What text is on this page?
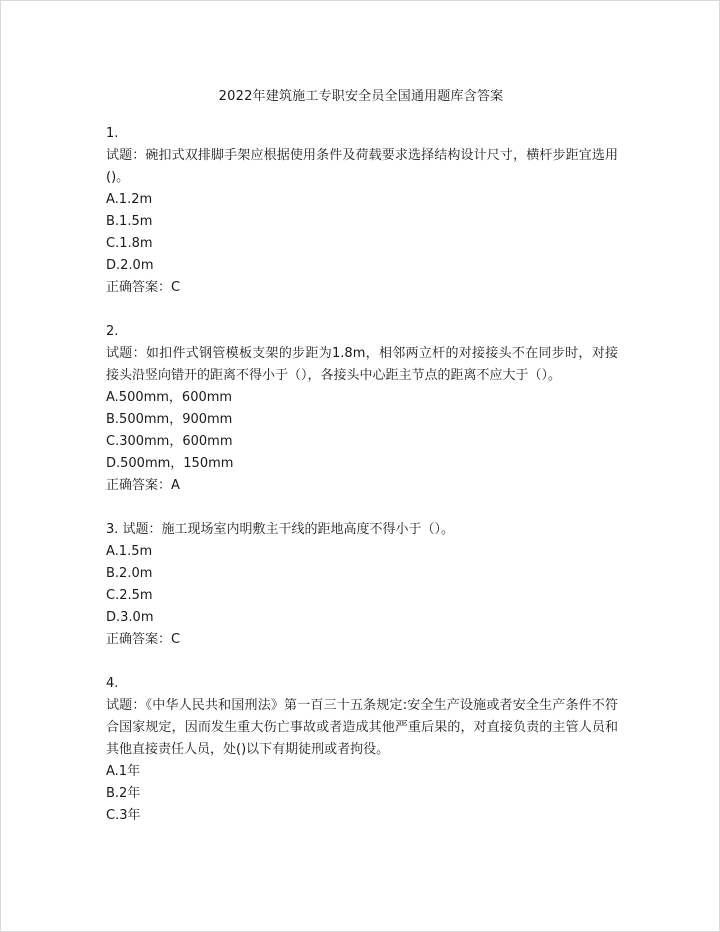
2022年建筑施工专职安全员全国通用题库含答案
1.
试题：碗扣式双排脚手架应根据使用条件及荷载要求选择结构设计尺寸，横杆步距宜选用()。
A.1.2m
B.1.5m
C.1.8m
D.2.0m
正确答案：C
2.
试题：如扣件式钢管模板支架的步距为1.8m，相邻两立杆的对接接头不在同步时，对接接头沿竖向错开的距离不得小于（），各接头中心距主节点的距离不应大于（）。
A.500mm，600mm
B.500mm，900mm
C.300mm，600mm
D.500mm，150mm
正确答案：A
3. 试题：施工现场室内明敷主干线的距地高度不得小于（）。
A.1.5m
B.2.0m
C.2.5m
D.3.0m
正确答案：C
4.
试题：《中华人民共和国刑法》第一百三十五条规定:安全生产设施或者安全生产条件不符合国家规定，因而发生重大伤亡事故或者造成其他严重后果的，对直接负责的主管人员和其他直接责任人员，处()以下有期徒刑或者拘役。
A.1年
B.2年
C.3年
